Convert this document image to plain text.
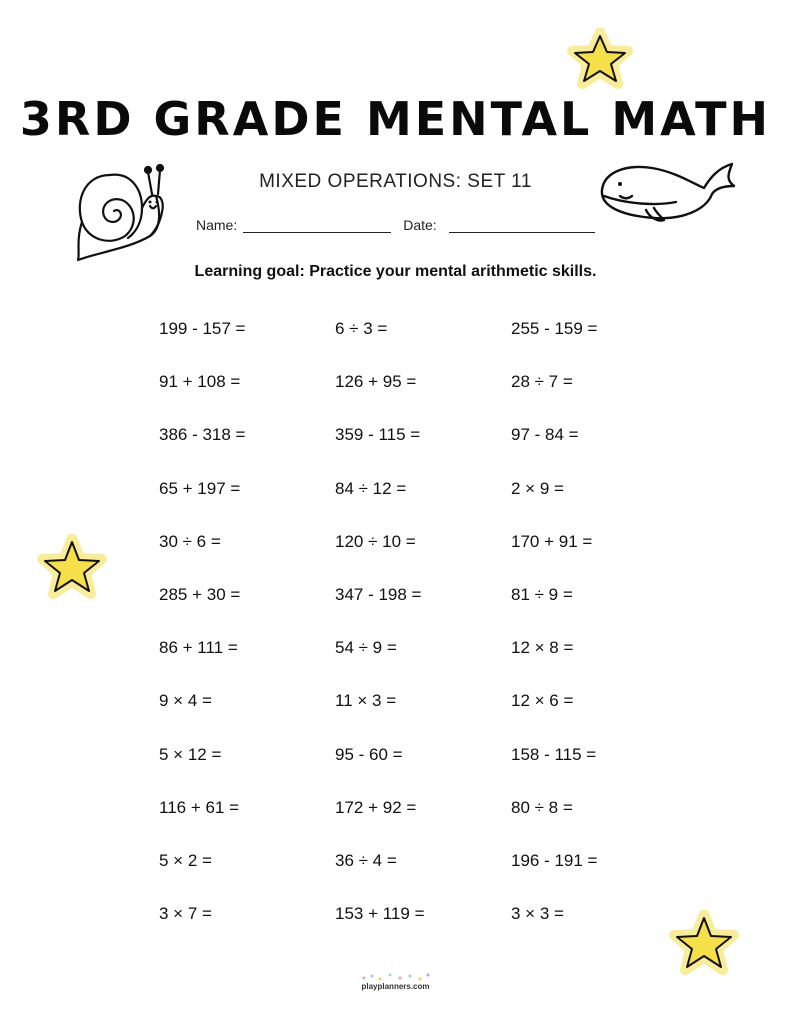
3RD GRADE MENTAL MATH
MIXED OPERATIONS: SET 11
Name:	Date:
Learning goal: Practice your mental arithmetic skills.
199 - 157 =	6 ÷ 3 =	255 - 159 =
91 + 108 =	126 + 95 =	28 ÷ 7 =
386 - 318 =	359 - 115 =	97 - 84 =
65 + 197 =	84 ÷ 12 =	2 × 9 =
30 ÷ 6 =	120 ÷ 10 =	170 + 91 =
285 + 30 =	347 - 198 =	81 ÷ 9 =
86 + 111 =	54 ÷ 9 =	12 × 8 =
9 × 4 =	11 × 3 =	12 × 6 =
5 × 12 =	95 - 60 =	158 - 115 =
116 + 61 =	172 + 92 =	80 ÷ 8 =
5 × 2 =	36 ÷ 4 =	196 - 191 =
3 × 7 =	153 + 119 =	3 × 3 =
playplanners.com
